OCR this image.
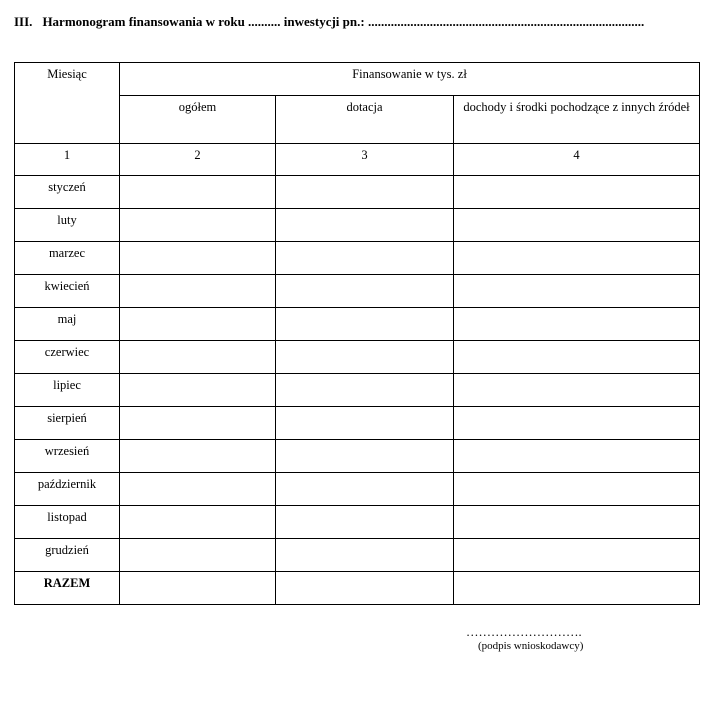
III. Harmonogram finansowania w roku .......... inwestycji pn.: .....................................................................................
Miesiąc	Finansowanie w tys. zł		
	ogółem	dotacja	dochody i środki pochodzące z innych źródeł
1	2	3	4
styczeń			
luty			
marzec			
kwiecień			
maj			
czerwiec			
lipiec			
sierpień			
wrzesień			
październik			
listopad			
grudzień			
RAZEM			
……………………….
(podpis wnioskodawcy)
